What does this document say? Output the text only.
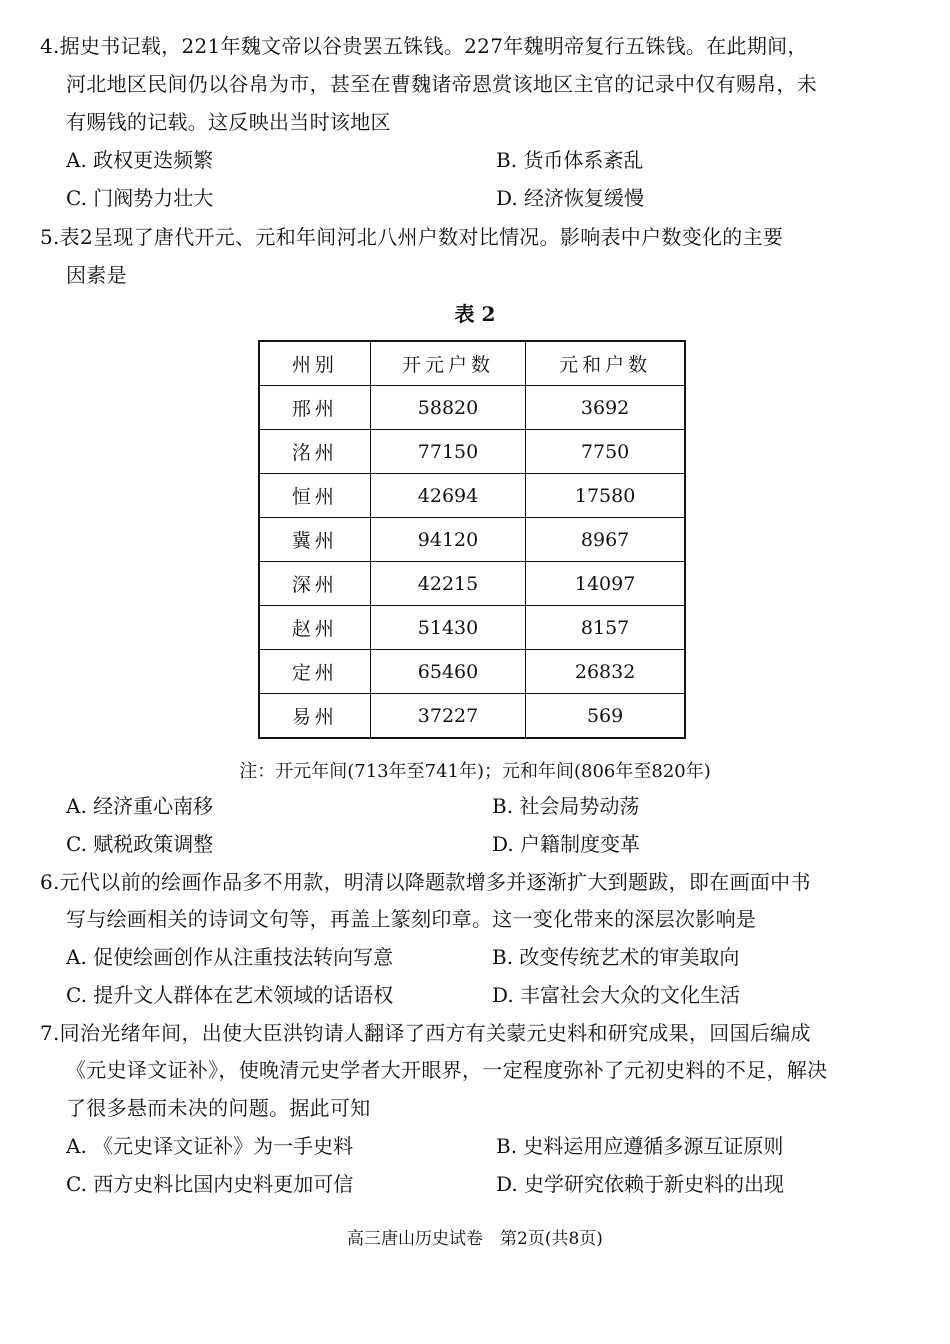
4.据史书记载，221年魏文帝以谷贵罢五铢钱。227年魏明帝复行五铢钱。在此期间，
河北地区民间仍以谷帛为市，甚至在曹魏诸帝恩赏该地区主官的记录中仅有赐帛，未
有赐钱的记载。这反映出当时该地区
A. 政权更迭频繁	B. 货币体系紊乱
C. 门阀势力壮大	D. 经济恢复缓慢
5.表2呈现了唐代开元、元和年间河北八州户数对比情况。影响表中户数变化的主要
因素是
表 2
州别	开元户数	元和户数
邢州	58820	3692
洺州	77150	7750
恒州	42694	17580
冀州	94120	8967
深州	42215	14097
赵州	51430	8157
定州	65460	26832
易州	37227	569
注：开元年间(713年至741年)；元和年间(806年至820年)
A. 经济重心南移	B. 社会局势动荡
C. 赋税政策调整	D. 户籍制度变革
6.元代以前的绘画作品多不用款，明清以降题款增多并逐渐扩大到题跋，即在画面中书
写与绘画相关的诗词文句等，再盖上篆刻印章。这一变化带来的深层次影响是
A. 促使绘画创作从注重技法转向写意	B. 改变传统艺术的审美取向
C. 提升文人群体在艺术领域的话语权	D. 丰富社会大众的文化生活
7.同治光绪年间，出使大臣洪钧请人翻译了西方有关蒙元史料和研究成果，回国后编成
《元史译文证补》，使晚清元史学者大开眼界，一定程度弥补了元初史料的不足，解决
了很多悬而未决的问题。据此可知
A. 《元史译文证补》为一手史料	B. 史料运用应遵循多源互证原则
C. 西方史料比国内史料更加可信	D. 史学研究依赖于新史料的出现
高三唐山历史试卷　第2页(共8页)
